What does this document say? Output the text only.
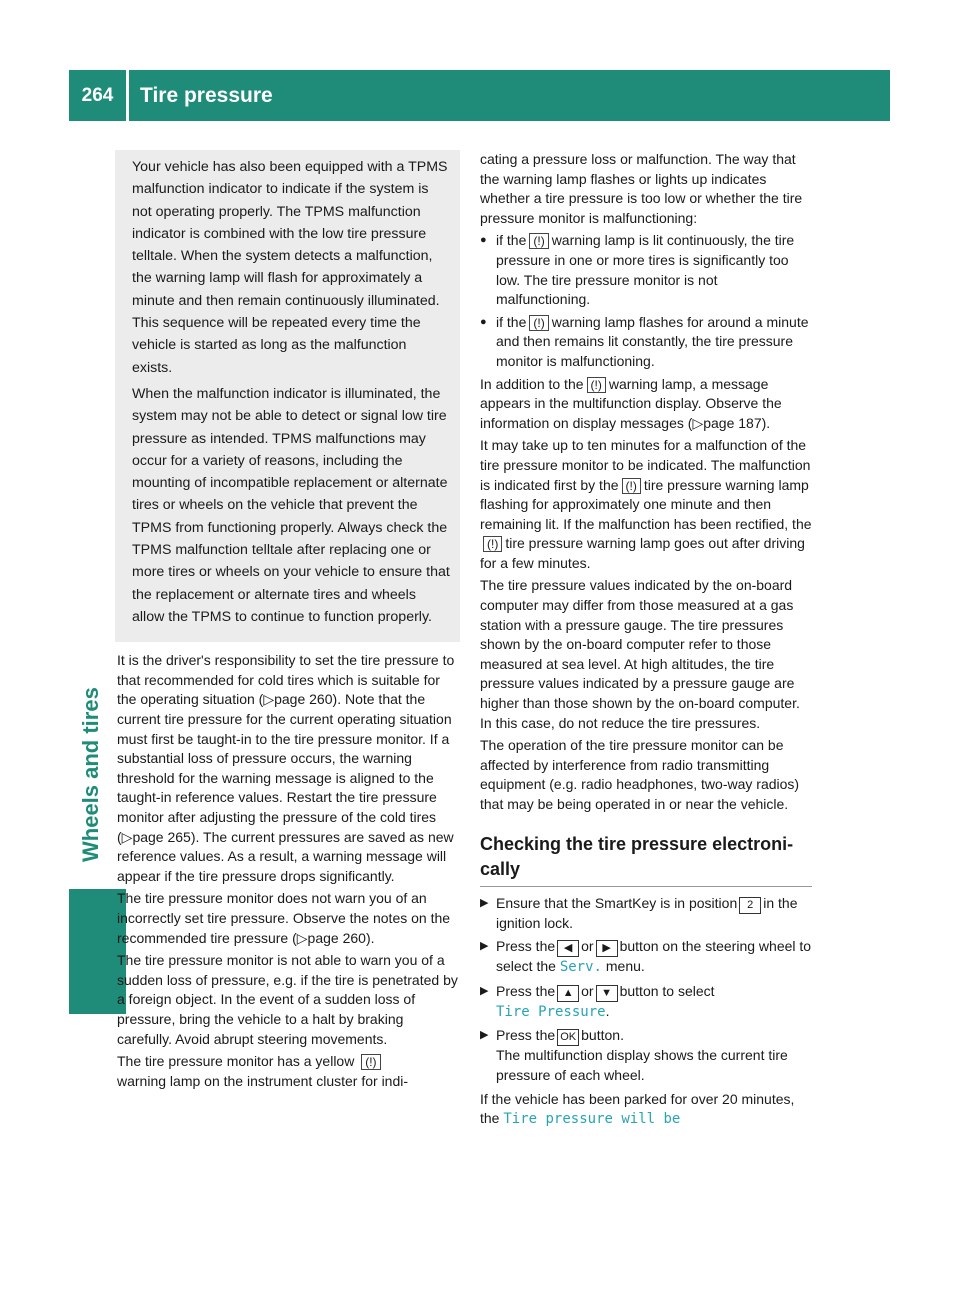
264	Tire pressure
Wheels and tires

Your vehicle has also been equipped with a TPMS malfunction indicator to indicate if the system is not operating properly. The TPMS malfunction indicator is combined with the low tire pressure telltale. When the system detects a malfunction, the warning lamp will flash for approximately a minute and then remain continuously illuminated. This sequence will be repeated every time the vehicle is started as long as the malfunction exists.

When the malfunction indicator is illuminated, the system may not be able to detect or signal low tire pressure as intended. TPMS malfunctions may occur for a variety of reasons, including the mounting of incompatible replacement or alternate tires or wheels on the vehicle that prevent the TPMS from functioning properly. Always check the TPMS malfunction telltale after replacing one or more tires or wheels on your vehicle to ensure that the replacement or alternate tires and wheels allow the TPMS to continue to function properly.

It is the driver's responsibility to set the tire pressure to that recommended for cold tires which is suitable for the operating situation (▷page 260). Note that the current tire pressure for the current operating situation must first be taught-in to the tire pressure monitor. If a substantial loss of pressure occurs, the warning threshold for the warning message is aligned to the taught-in reference values. Restart the tire pressure monitor after adjusting the pressure of the cold tires (▷page 265). The current pressures are saved as new reference values. As a result, a warning message will appear if the tire pressure drops significantly.

The tire pressure monitor does not warn you of an incorrectly set tire pressure. Observe the notes on the recommended tire pressure (▷page 260).

The tire pressure monitor is not able to warn you of a sudden loss of pressure, e.g. if the tire is penetrated by a foreign object. In the event of a sudden loss of pressure, bring the vehicle to a halt by braking carefully. Avoid abrupt steering movements.

The tire pressure monitor has a yellow (!)
warning lamp on the instrument cluster for indi-

cating a pressure loss or malfunction. The way that the warning lamp flashes or lights up indicates whether a tire pressure is too low or whether the tire pressure monitor is malfunctioning:

● if the (!) warning lamp is lit continuously, the tire pressure in one or more tires is significantly too low. The tire pressure monitor is not malfunctioning.
● if the (!) warning lamp flashes for around a minute and then remains lit constantly, the tire pressure monitor is malfunctioning.

In addition to the (!) warning lamp, a message appears in the multifunction display. Observe the information on display messages (▷page 187).

It may take up to ten minutes for a malfunction of the tire pressure monitor to be indicated. The malfunction is indicated first by the (!) tire pressure warning lamp flashing for approximately one minute and then remaining lit. If the malfunction has been rectified, the(!) tire pressure warning lamp goes out after driving for a few minutes.

The tire pressure values indicated by the on-board computer may differ from those measured at a gas station with a pressure gauge. The tire pressures shown by the on-board computer refer to those measured at sea level. At high altitudes, the tire pressure values indicated by a pressure gauge are higher than those shown by the on-board computer. In this case, do not reduce the tire pressures.

The operation of the tire pressure monitor can be affected by interference from radio transmitting equipment (e.g. radio headphones, two-way radios) that may be being operated in or near the vehicle.

Checking the tire pressure electronically
▶ Ensure that the SmartKey is in position 2 in the ignition lock.
▶ Press the ◀ or ▶ button on the steering wheel to select the Serv. menu.
▶ Press the ▲ or ▼ button to select
Tire Pressure.
▶ Press the OK button.
The multifunction display shows the current tire pressure of each wheel.

If the vehicle has been parked for over 20 minutes, the Tire pressure will be
